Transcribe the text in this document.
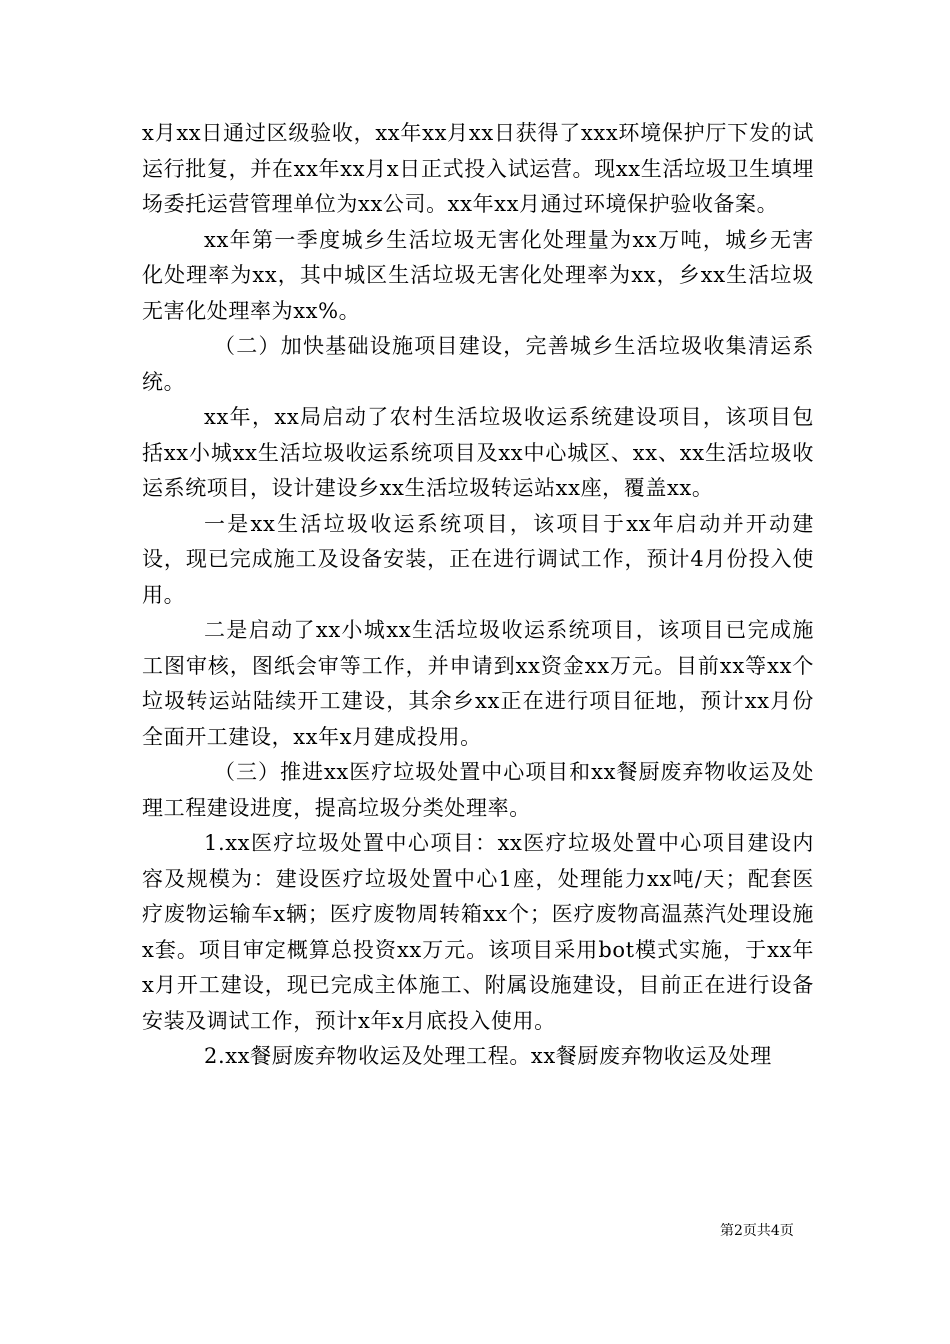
x月xx日通过区级验收，xx年xx月xx日获得了xxx环境保护厅下发的试运行批复，并在xx年xx月x日正式投入试运营。现xx生活垃圾卫生填埋场委托运营管理单位为xx公司。xx年xx月通过环境保护验收备案。

xx年第一季度城乡生活垃圾无害化处理量为xx万吨，城乡无害化处理率为xx，其中城区生活垃圾无害化处理率为xx，乡xx生活垃圾无害化处理率为xx%。

（二）加快基础设施项目建设，完善城乡生活垃圾收集清运系统。

xx年，xx局启动了农村生活垃圾收运系统建设项目，该项目包括xx小城xx生活垃圾收运系统项目及xx中心城区、xx、xx生活垃圾收运系统项目，设计建设乡xx生活垃圾转运站xx座，覆盖xx。

一是xx生活垃圾收运系统项目，该项目于xx年启动并开动建设，现已完成施工及设备安装，正在进行调试工作，预计4月份投入使用。

二是启动了xx小城xx生活垃圾收运系统项目，该项目已完成施工图审核，图纸会审等工作，并申请到xx资金xx万元。目前xx等xx个垃圾转运站陆续开工建设，其余乡xx正在进行项目征地，预计xx月份全面开工建设，xx年x月建成投用。

（三）推进xx医疗垃圾处置中心项目和xx餐厨废弃物收运及处理工程建设进度，提高垃圾分类处理率。

1.xx医疗垃圾处置中心项目：xx医疗垃圾处置中心项目建设内容及规模为：建设医疗垃圾处置中心1座，处理能力xx吨/天；配套医疗废物运输车x辆；医疗废物周转箱xx个；医疗废物高温蒸汽处理设施x套。项目审定概算总投资xx万元。该项目采用bot模式实施，于xx年x月开工建设，现已完成主体施工、附属设施建设，目前正在进行设备安装及调试工作，预计x年x月底投入使用。

2.xx餐厨废弃物收运及处理工程。xx餐厨废弃物收运及处理

第2页共4页
